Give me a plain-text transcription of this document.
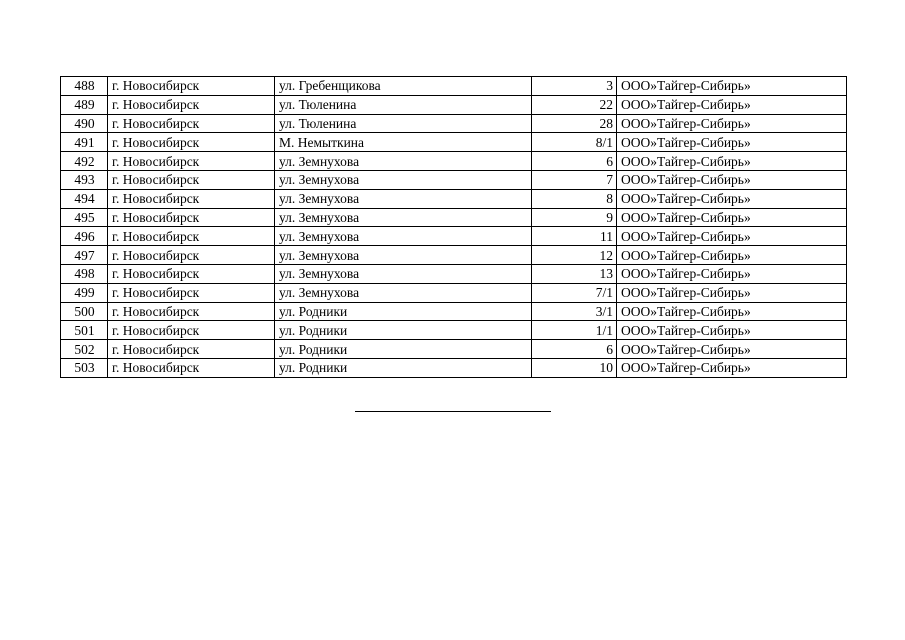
488	г. Новосибирск	ул. Гребенщикова	3	ООО»Тайгер-Сибирь»
489	г. Новосибирск	ул. Тюленина	22	ООО»Тайгер-Сибирь»
490	г. Новосибирск	ул. Тюленина	28	ООО»Тайгер-Сибирь»
491	г. Новосибирск	М. Немыткина	8/1	ООО»Тайгер-Сибирь»
492	г. Новосибирск	ул. Земнухова	6	ООО»Тайгер-Сибирь»
493	г. Новосибирск	ул. Земнухова	7	ООО»Тайгер-Сибирь»
494	г. Новосибирск	ул. Земнухова	8	ООО»Тайгер-Сибирь»
495	г. Новосибирск	ул. Земнухова	9	ООО»Тайгер-Сибирь»
496	г. Новосибирск	ул. Земнухова	11	ООО»Тайгер-Сибирь»
497	г. Новосибирск	ул. Земнухова	12	ООО»Тайгер-Сибирь»
498	г. Новосибирск	ул. Земнухова	13	ООО»Тайгер-Сибирь»
499	г. Новосибирск	ул. Земнухова	7/1	ООО»Тайгер-Сибирь»
500	г. Новосибирск	ул. Родники	3/1	ООО»Тайгер-Сибирь»
501	г. Новосибирск	ул. Родники	1/1	ООО»Тайгер-Сибирь»
502	г. Новосибирск	ул. Родники	6	ООО»Тайгер-Сибирь»
503	г. Новосибирск	ул. Родники	10	ООО»Тайгер-Сибирь»
